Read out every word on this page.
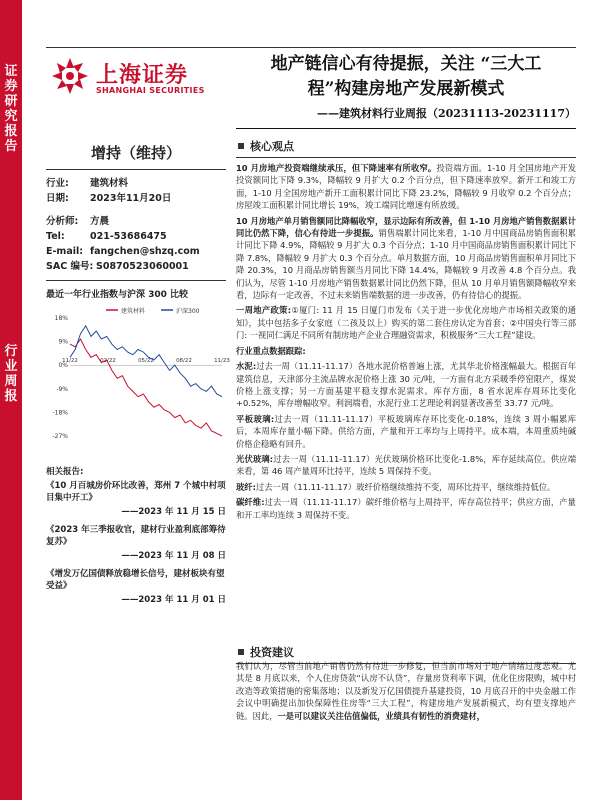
证券研究报告
行业周报
上海证券
SHANGHAI SECURITIES
地产链信心有待提振，关注 “三大工
程”构建房地产发展新模式
——建筑材料行业周报（20231113-20231117）
增持（维持）
行业: 建筑材料
日期: 2023年11月20日
分析师: 方晨
Tel:	021-53686475
E-mail: fangchen@shzq.com
SAC 编号: S0870523060001
最近一年行业指数与沪深 300 比较
建筑材料	沪深300
18%
9%
0%
-9%
-18%
-27%
11/22	02/22	05/22	08/22	11/23
相关报告:
《10 月百城房价环比改善，郑州 7 个城中村项目集中开工》
——2023 年 11 月 15 日
《2023 年三季报收官，建材行业盈利底部筹待复苏》
——2023 年 11 月 08 日
《增发万亿国债释放稳增长信号，建材板块有望受益》
——2023 年 11 月 01 日
核心观点
10 月房地产投资端继续承压，但下降速率有所收窄。投资端方面。1-10 月全国房地产开发投资额同比下降 9.3%，降幅较 9 月扩大 0.2 个百分点，但下降速率放窄。新开工和竣工方面，1-10 月全国房地产新开工面积累计同比下降 23.2%，降幅较 9 月收窄 0.2 个百分点；房屋竣工面积累计同比增长 19%，竣工端同比增速有所放缓。
10 月房地产单月销售额同比降幅收窄，显示边际有所改善，但 1-10 月房地产销售数据累计同比仍然下降，信心有待进一步提振。销售端累计同比来看，1-10 月中国商品房销售面积累计同比下降 4.9%，降幅较 9 月扩大 0.3 个百分点；1-10 月中国商品房销售面积累计同比下降 7.8%，降幅较 9 月扩大 0.3 个百分点。单月数据方面，10 月商品房销售面积单月同比下降 20.3%，10 月商品房销售额当月同比下降 14.4%，降幅较 9 月改善 4.8 个百分点。我们认为，尽管 1-10 月房地产销售数据累计同比仍然下降，但从 10 月单月销售额降幅收窄来看，边际有一定改善，不过未来销售端数据的进一步改善，仍有待信心的提振。
一周地产政策:①厦门: 11 月 15 日厦门市发布《关于进一步优化房地产市场相关政策的通知》，其中包括多子女家庭（二孩及以上）购买的第二套住房认定为首套；②中国央行等三部门: 一视同仁满足不同所有制房地产企业合理融资需求，积极服务“三大工程”建设。
行业重点数据跟踪:
水泥:过去一周（11.11-11.17）各地水泥价格普遍上涨，尤其华北价格涨幅最大。根据百年建筑信息，天津部分主流品牌水泥价格上涨 30 元/吨，一方面有北方采暖季停窑限产，煤炭价格上涨支撑；另一方面基建平稳支撑水泥需求。库存方面，8 省水泥库存周环比变化+0.52%，库存增幅收窄。利润端看，水泥行业工艺理论利润显著改善至 33.77 元/吨。
平板玻璃:过去一周（11.11-11.17）平板玻璃库存环比变化-0.18%，连续 3 周小幅累库后，本周库存量小幅下降。供给方面，产量和开工率均与上周持平。成本端，本周重质纯碱价格企稳略有回升。
光伏玻璃:过去一周（11.11-11.17）光伏玻璃价格环比变化-1.8%，库存延续高位。供应端来看，第 46 周产量周环比持平，连续 5 周保持不变。
玻纤:过去一周（11.11-11.17）玻纤价格继续维持不变，周环比持平，继续维持低位。
碳纤维:过去一周（11.11-11.17）碳纤维价格与上周持平，库存高位持平；供应方面，产量和开工率均连续 3 周保持不变。
投资建议
我们认为，尽管当前地产销售仍然有待进一步修复，但当前市场对于地产情绪过度悲观。尤其是 8 月底以来，个人住房贷款“认房不认贷”，存量房贷利率下调，优化住房限购，城中村改造等政策措施的密集落地；以及新发万亿国债提升基建投资，10 月底召开的中央金融工作会议中明确提出加快保障性住房等“三大工程”，构建房地产发展新模式，均有望支撑地产链。因此，一是可以建议关注估值偏低，业绩具有韧性的消费建材，
